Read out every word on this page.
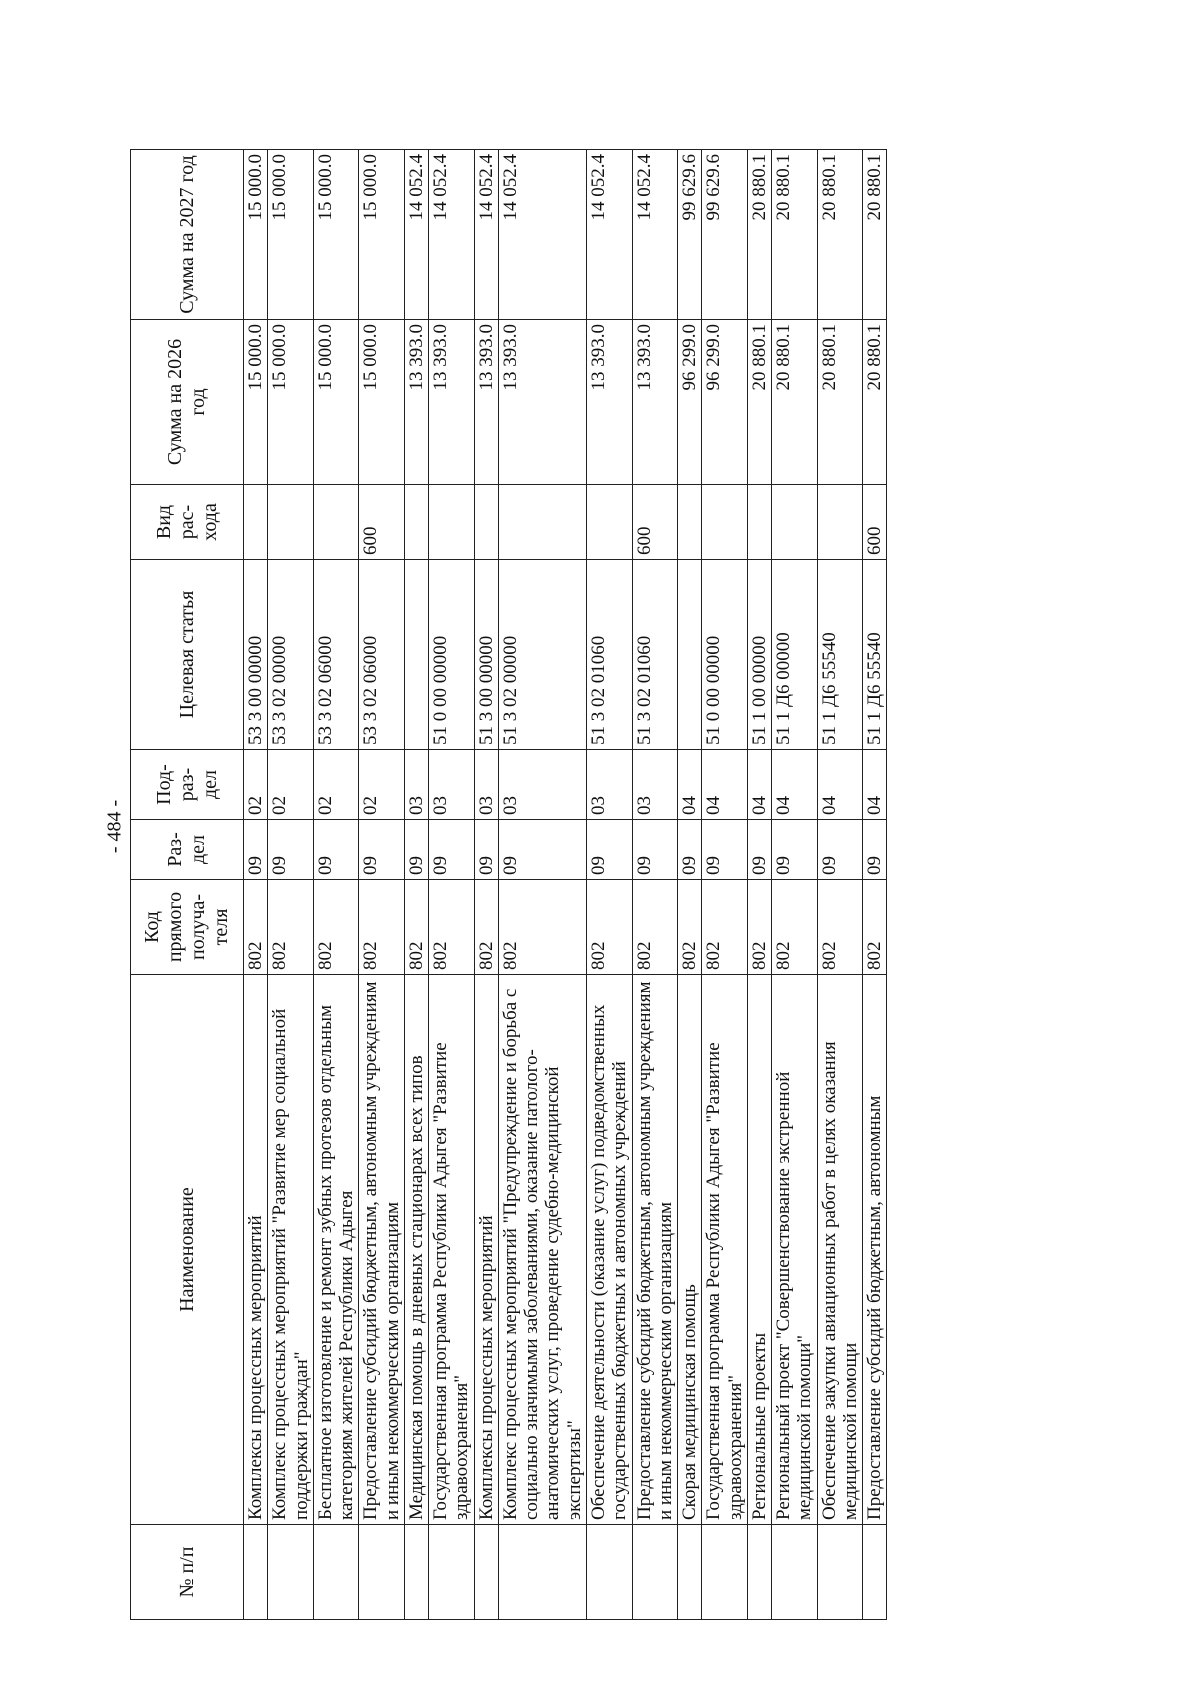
- 484 -
№ п/п	Наименование	Код прямого получа- теля	Раз- дел	Под- раз- дел	Целевая статья	Вид рас- хода	Сумма на 2026 год	Сумма на 2027 год
	Комплексы процессных мероприятий	802	09	02	53 3 00 00000		15 000.0	15 000.0
	Комплекс процессных мероприятий "Развитие мер социальной поддержки граждан"	802	09	02	53 3 02 00000		15 000.0	15 000.0
	Бесплатное изготовление и ремонт зубных протезов отдельным категориям жителей Республики Адыгея	802	09	02	53 3 02 06000		15 000.0	15 000.0
	Предоставление субсидий бюджетным, автономным учреждениям и иным некоммерческим организациям	802	09	02	53 3 02 06000	600	15 000.0	15 000.0
	Медицинская помощь в дневных стационарах всех типов	802	09	03			13 393.0	14 052.4
	Государственная программа Республики Адыгея "Развитие здравоохранения"	802	09	03	51 0 00 00000		13 393.0	14 052.4
	Комплексы процессных мероприятий	802	09	03	51 3 00 00000		13 393.0	14 052.4
	Комплекс процессных мероприятий "Предупреждение и борьба с социально значимыми заболеваниями, оказание патолого-анатомических услуг, проведение судебно-медицинской экспертизы"	802	09	03	51 3 02 00000		13 393.0	14 052.4
	Обеспечение деятельности (оказание услуг) подведомственных государственных бюджетных и автономных учреждений	802	09	03	51 3 02 01060		13 393.0	14 052.4
	Предоставление субсидий бюджетным, автономным учреждениям и иным некоммерческим организациям	802	09	03	51 3 02 01060	600	13 393.0	14 052.4
	Скорая медицинская помощь	802	09	04			96 299.0	99 629.6
	Государственная программа Республики Адыгея "Развитие здравоохранения"	802	09	04	51 0 00 00000		96 299.0	99 629.6
	Региональные проекты	802	09	04	51 1 00 00000		20 880.1	20 880.1
	Региональный проект "Совершенствование экстренной медицинской помощи"	802	09	04	51 1 Д6 00000		20 880.1	20 880.1
	Обеспечение закупки авиационных работ в целях оказания медицинской помощи	802	09	04	51 1 Д6 55540		20 880.1	20 880.1
	Предоставление субсидий бюджетным, автономным	802	09	04	51 1 Д6 55540	600	20 880.1	20 880.1
